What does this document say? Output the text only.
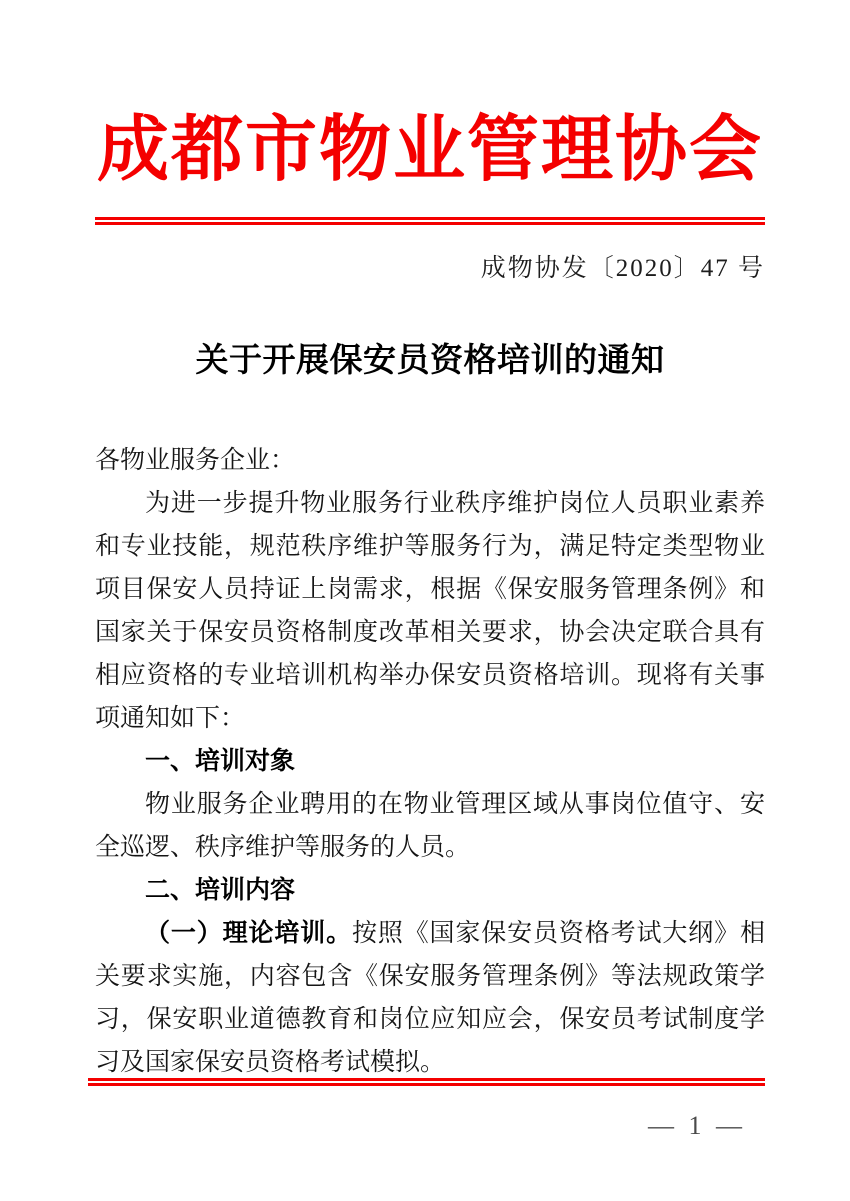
成都市物业管理协会
成物协发〔2020〕47 号
关于开展保安员资格培训的通知

各物业服务企业：

为进一步提升物业服务行业秩序维护岗位人员职业素养和专业技能，规范秩序维护等服务行为，满足特定类型物业项目保安人员持证上岗需求，根据《保安服务管理条例》和国家关于保安员资格制度改革相关要求，协会决定联合具有相应资格的专业培训机构举办保安员资格培训。现将有关事项通知如下：

一、培训对象

物业服务企业聘用的在物业管理区域从事岗位值守、安全巡逻、秩序维护等服务的人员。

二、培训内容

（一）理论培训。按照《国家保安员资格考试大纲》相关要求实施，内容包含《保安服务管理条例》等法规政策学习，保安职业道德教育和岗位应知应会，保安员考试制度学习及国家保安员资格考试模拟。

— 1 —
